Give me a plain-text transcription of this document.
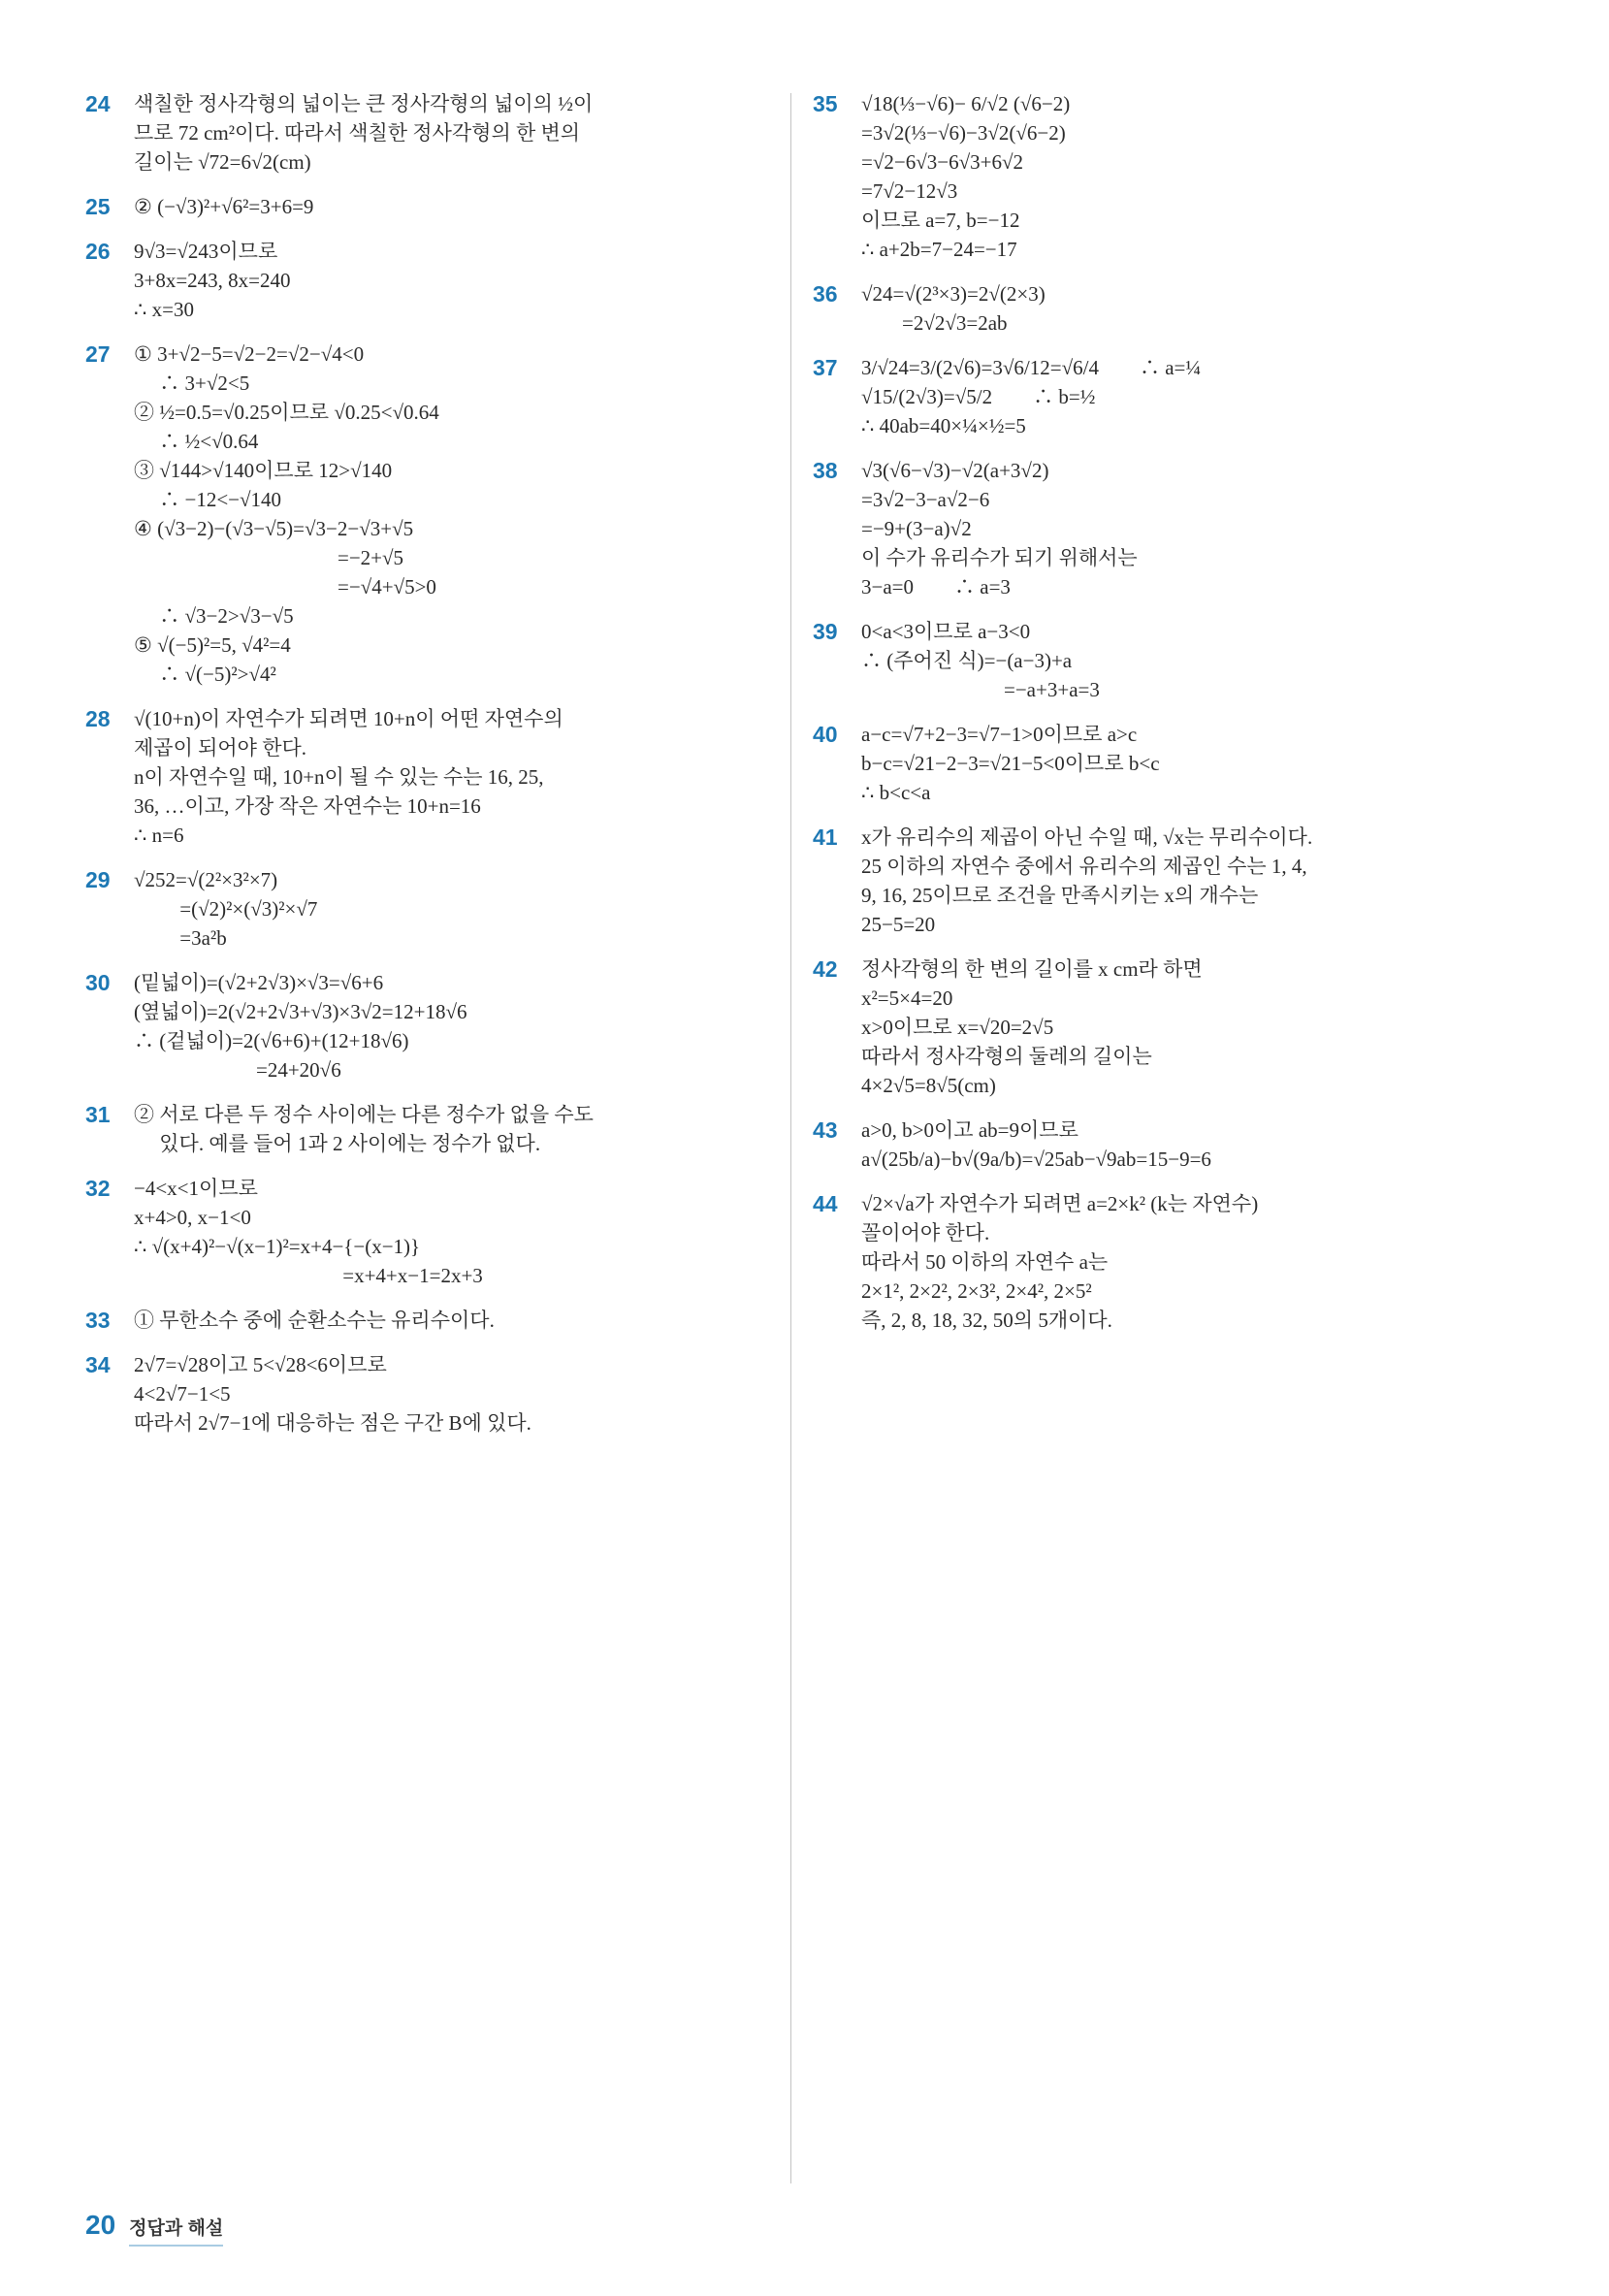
24	색칠한 정사각형의 넓이는 큰 정사각형의 넓이의 ½이
므로 72 cm²이다. 따라서 색칠한 정사각형의 한 변의
길이는 √72=6√2(cm)
25	② (−√3)²+√6²=3+6=9
26	9√3=√243이므로
3+8x=243, 8x=240
∴ x=30
27	① 3+√2−5=√2−2=√2−√4<0
　 ∴ 3+√2<5
② ½=0.5=√0.25이므로 √0.25<√0.64
　 ∴ ½<√0.64
③ √144>√140이므로 12>√140
　 ∴ −12<−√140
④ (√3−2)−(√3−√5)=√3−2−√3+√5
　　　　　　　　　　=−2+√5
　　　　　　　　　　=−√4+√5>0
　 ∴ √3−2>√3−√5
⑤ √(−5)²=5, √4²=4
　 ∴ √(−5)²>√4²
28	√(10+n)이 자연수가 되려면 10+n이 어떤 자연수의
제곱이 되어야 한다.
n이 자연수일 때, 10+n이 될 수 있는 수는 16, 25,
36, …이고, 가장 작은 자연수는 10+n=16
∴ n=6
29	√252=√(2²×3²×7)
　　 =(√2)²×(√3)²×√7
　　 =3a²b
30	(밑넓이)=(√2+2√3)×√3=√6+6
(옆넓이)=2(√2+2√3+√3)×3√2=12+18√6
∴ (겉넓이)=2(√6+6)+(12+18√6)
　　　　　　=24+20√6
31	② 서로 다른 두 정수 사이에는 다른 정수가 없을 수도
　 있다. 예를 들어 1과 2 사이에는 정수가 없다.
32	−4<x<1이므로
x+4>0, x−1<0
∴ √(x+4)²−√(x−1)²=x+4−{−(x−1)}
　　　　　　　　　　 =x+4+x−1=2x+3
33	① 무한소수 중에 순환소수는 유리수이다.
34	2√7=√28이고 5<√28<6이므로
4<2√7−1<5
따라서 2√7−1에 대응하는 점은 구간 B에 있다.
35	√18(⅓−√6)− 6/√2 (√6−2)
=3√2(⅓−√6)−3√2(√6−2)
=√2−6√3−6√3+6√2
=7√2−12√3
이므로 a=7, b=−12
∴ a+2b=7−24=−17
36	√24=√(2³×3)=2√(2×3)
　　=2√2√3=2ab
37	3/√24=3/(2√6)=3√6/12=√6/4　　∴ a=¼
√15/(2√3)=√5/2　　∴ b=½
∴ 40ab=40×¼×½=5
38	√3(√6−√3)−√2(a+3√2)
=3√2−3−a√2−6
=−9+(3−a)√2
이 수가 유리수가 되기 위해서는
3−a=0　　∴ a=3
39	0<a<3이므로 a−3<0
∴ (주어진 식)=−(a−3)+a
　　　　　　　=−a+3+a=3
40	a−c=√7+2−3=√7−1>0이므로 a>c
b−c=√21−2−3=√21−5<0이므로 b<c
∴ b<c<a
41	x가 유리수의 제곱이 아닌 수일 때, √x는 무리수이다.
25 이하의 자연수 중에서 유리수의 제곱인 수는 1, 4,
9, 16, 25이므로 조건을 만족시키는 x의 개수는
25−5=20
42	정사각형의 한 변의 길이를 x cm라 하면
x²=5×4=20
x>0이므로 x=√20=2√5
따라서 정사각형의 둘레의 길이는
4×2√5=8√5(cm)
43	a>0, b>0이고 ab=9이므로
a√(25b/a)−b√(9a/b)=√25ab−√9ab=15−9=6
44	√2×√a가 자연수가 되려면 a=2×k² (k는 자연수)
꼴이어야 한다.
따라서 50 이하의 자연수 a는
2×1², 2×2², 2×3², 2×4², 2×5²
즉, 2, 8, 18, 32, 50의 5개이다.
20 정답과 해설
